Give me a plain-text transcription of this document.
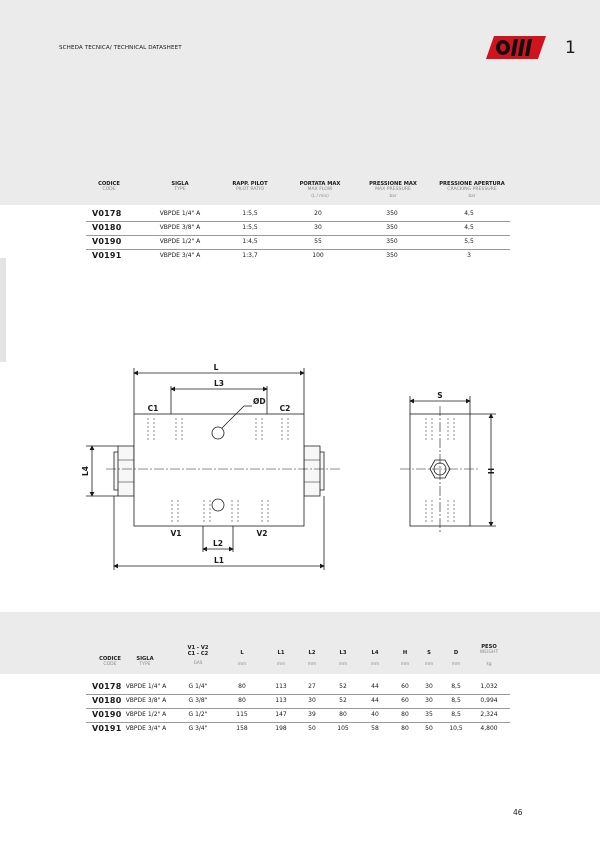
SCHEDA TECNICA/ TECHNICAL DATASHEET	1
CODICE
CODE
SIGLA
TYPE
RAPP. PILOT
PILOT RATIO
PORTATA MAX
MAX FLOW
(L / min)
PRESSIONE MAX
MAX PRESSURE
bar
PRESSIONE APERTURA
CRACKING PRESSURE
bar
V0178	VBPDE 1/4" A	1:5,5	20	350	4,5
V0180	VBPDE 3/8" A	1:5,5	30	350	4,5
V0190	VBPDE 1/2" A	1:4,5	55	350	5,5
V0191	VBPDE 3/4" A	1:3,7	100	350	3
L
L3
C1	C2
ØD
V1	V2
L2
L1
S
L4	H
CODICE
CODE
SIGLA
TYPE
V1 - V2
C1 - C2
GAS
L
mm
L1
mm
L2
mm
L3
mm
L4
mm
H
mm
S
mm
D
mm
PESO
WEIGHT
kg
V0178 VBPDE 1/4" A	G 1/4"	80	113	27	52	44	60	30	8,5	1,032
V0180 VBPDE 3/8" A	G 3/8"	80	113	30	52	44	60	30	8,5	0,994
V0190 VBPDE 1/2" A	G 1/2"	115	147	39	80	40	80	35	8,5	2,324
V0191 VBPDE 3/4" A	G 3/4"	158	198	50	105	58	80	50	10,5	4,800
46
